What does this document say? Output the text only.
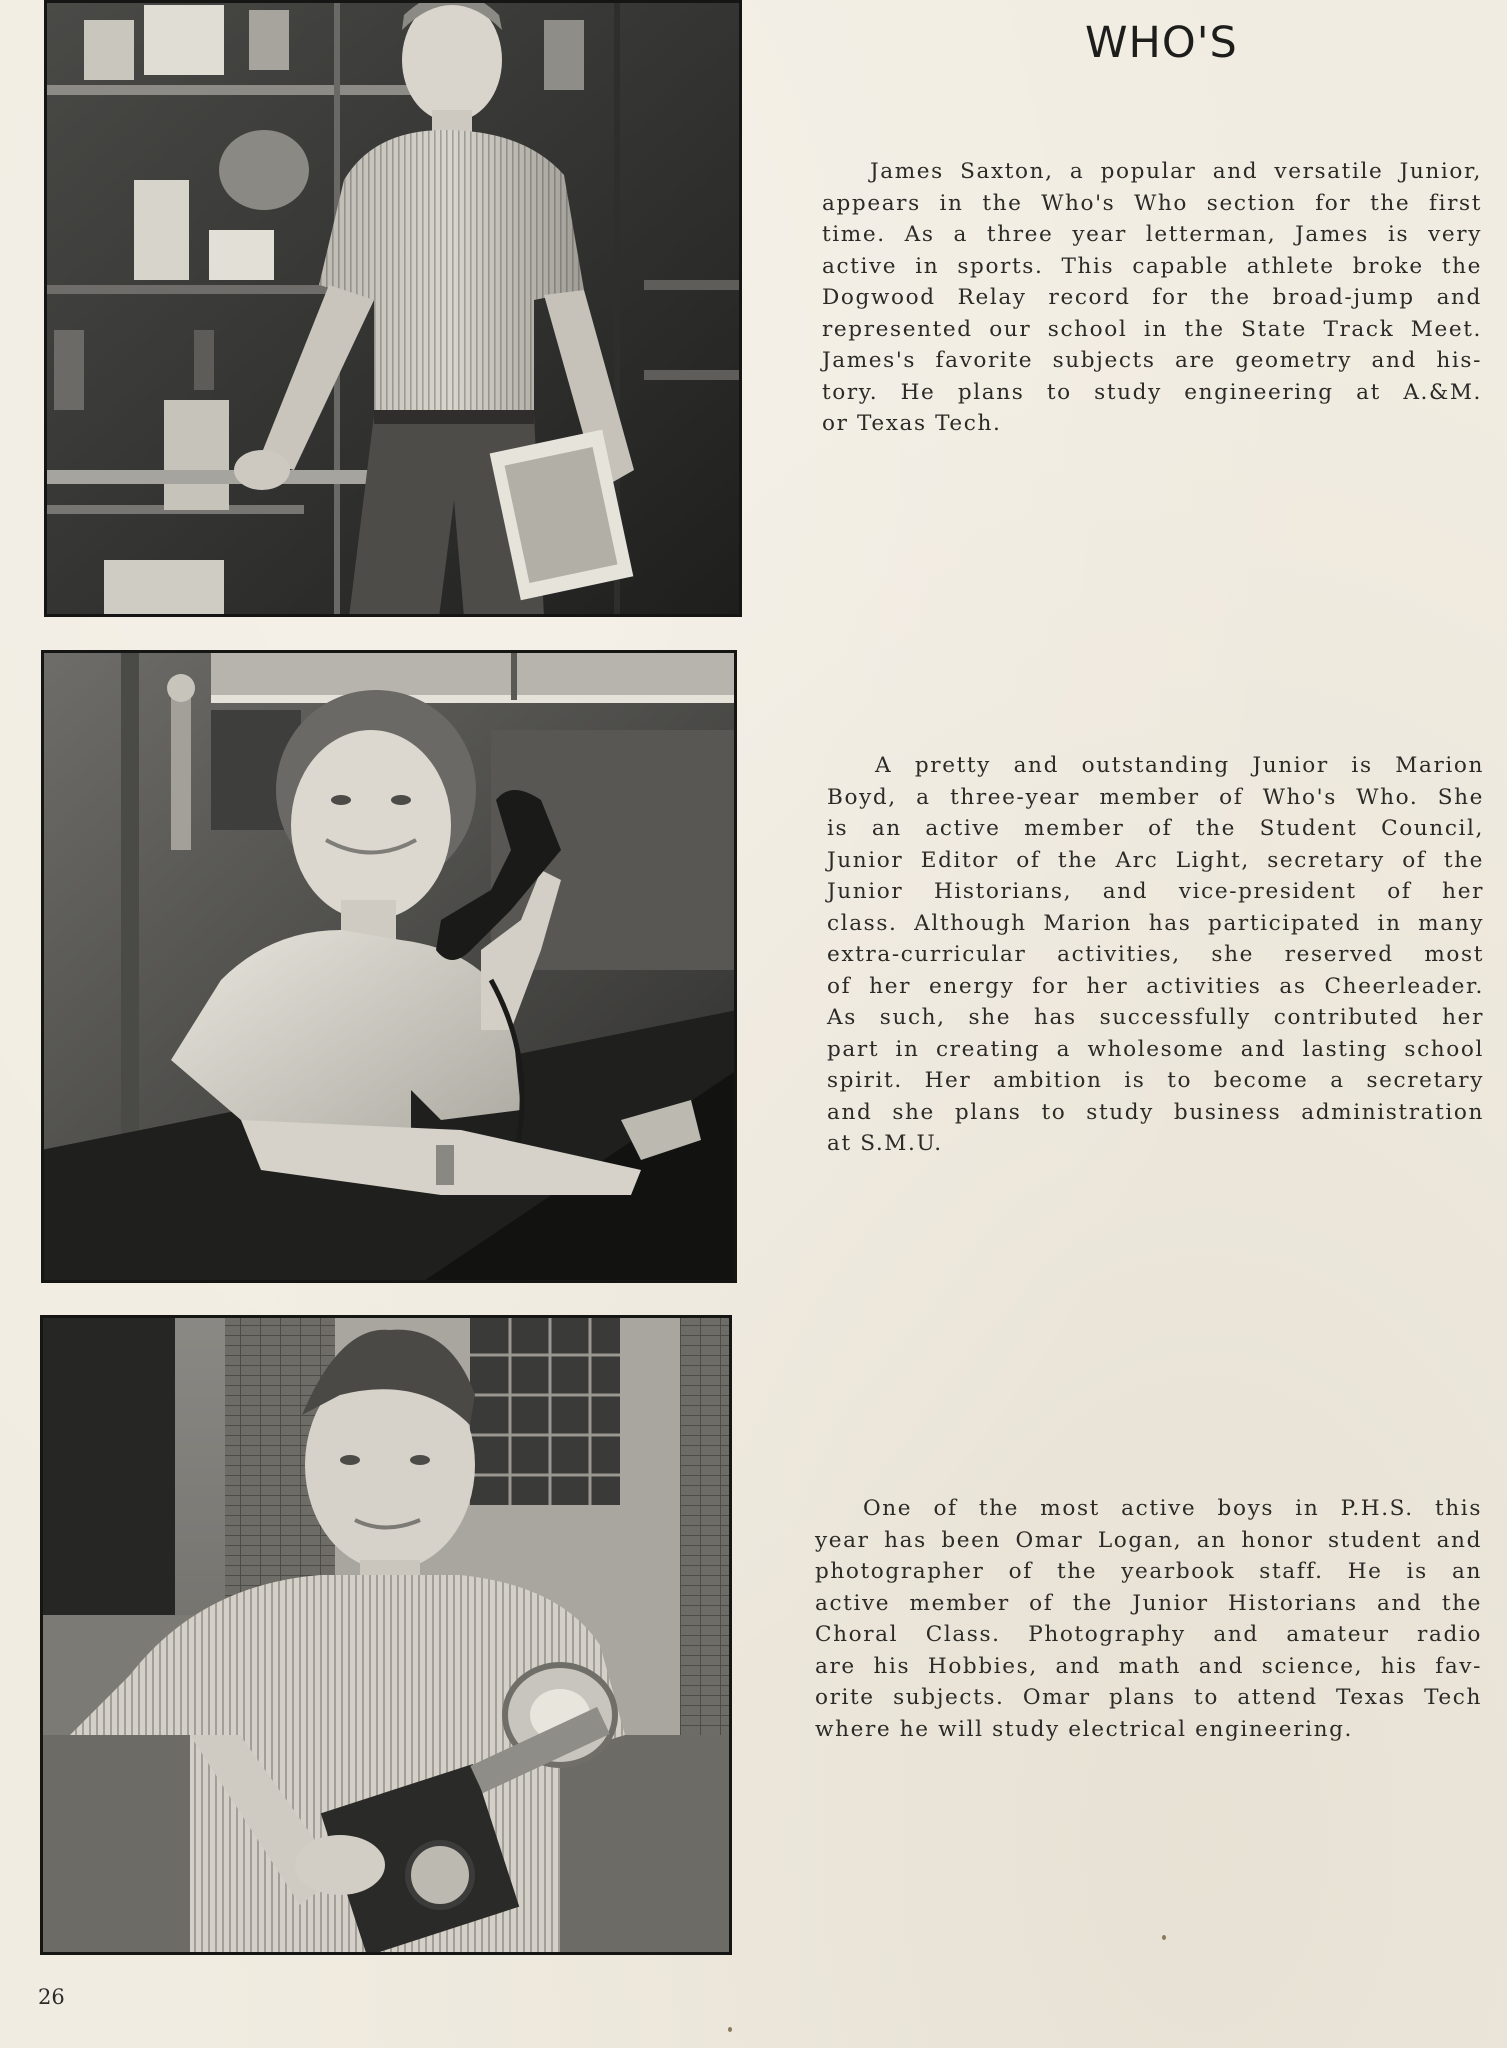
WHO'S
James Saxton, a popular and versatile Junior,
appears in the Who's Who section for the first
time. As a three year letterman, James is very
active in sports. This capable athlete broke the
Dogwood Relay record for the broad-jump and
represented our school in the State Track Meet.
James's favorite subjects are geometry and his-
tory. He plans to study engineering at A.&M.
or Texas Tech.
A pretty and outstanding Junior is Marion
Boyd, a three-year member of Who's Who. She
is an active member of the Student Council,
Junior Editor of the Arc Light, secretary of the
Junior Historians, and vice-president of her
class. Although Marion has participated in many
extra-curricular activities, she reserved most
of her energy for her activities as Cheerleader.
As such, she has successfully contributed her
part in creating a wholesome and lasting school
spirit. Her ambition is to become a secretary
and she plans to study business administration
at S.M.U.
One of the most active boys in P.H.S. this
year has been Omar Logan, an honor student and
photographer of the yearbook staff. He is an
active member of the Junior Historians and the
Choral Class. Photography and amateur radio
are his Hobbies, and math and science, his fav-
orite subjects. Omar plans to attend Texas Tech
where he will study electrical engineering.
26
